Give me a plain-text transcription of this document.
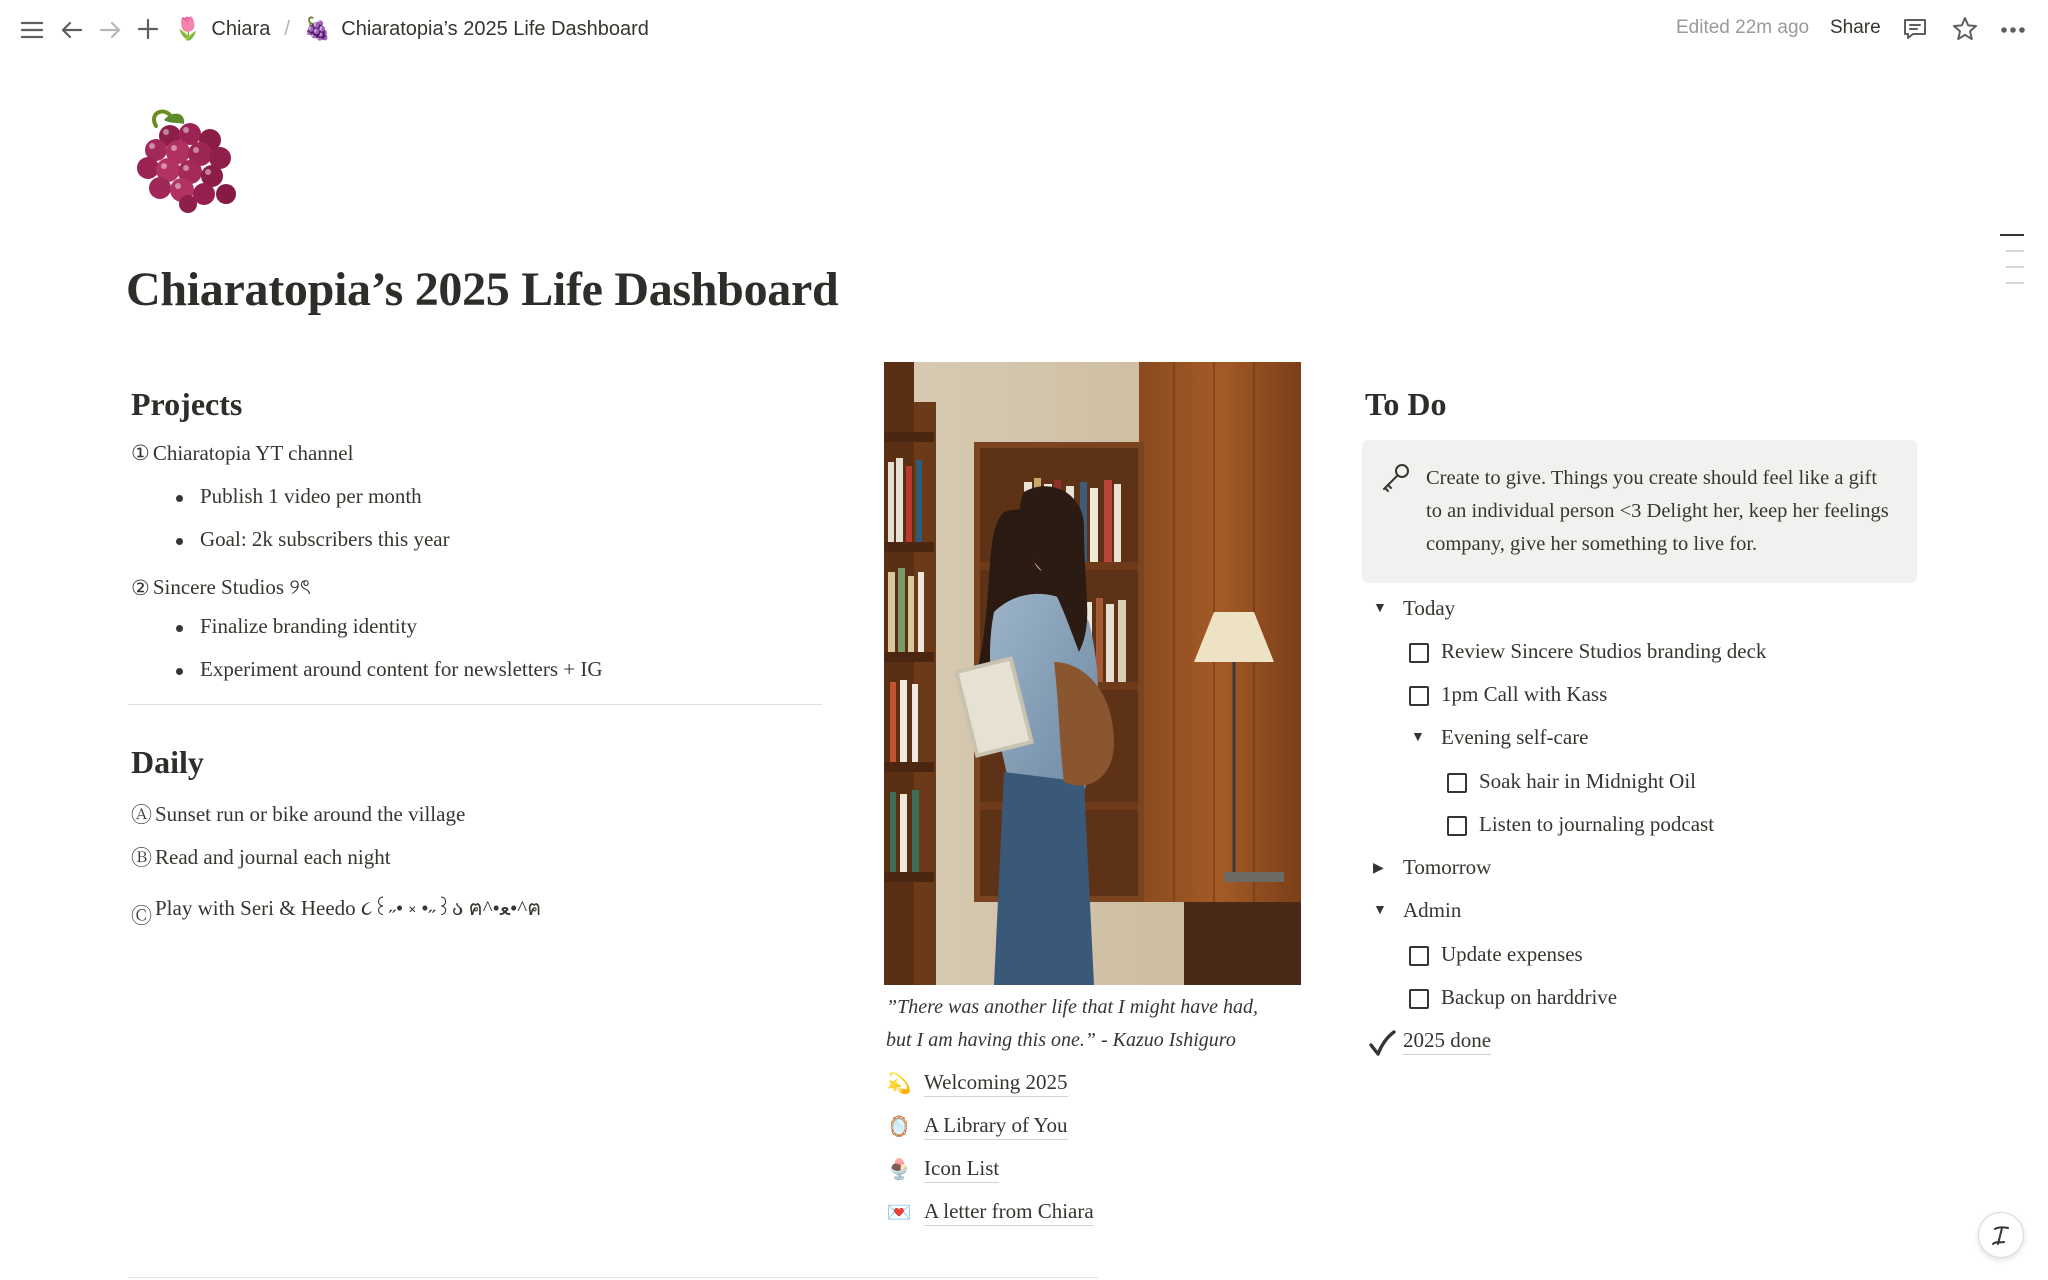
🌷 Chiara / 🍇 Chiaratopia’s 2025 Life Dashboard	Edited 22m ago Share
Chiaratopia’s 2025 Life Dashboard
Projects
① Chiaratopia YT channel
Publish 1 video per month
Goal: 2k subscribers this year
② Sincere Studios ୨ৎ
Finalize branding identity
Experiment around content for newsletters + IG
Daily
Ⓐ Sunset run or bike around the village
Ⓑ Read and journal each night
Ⓒ Play with Seri & Heedo ૮꒰˶• ༝ •˶꒱ა ฅ^•ﻌ•^ฅ
”There was another life that I might have had,
but I am having this one.” - Kazuo Ishiguro
💫 Welcoming 2025
🪞 A Library of You
🍨 Icon List
💌 A letter from Chiara
To Do
Create to give. Things you create should feel like a gift to an individual person <3 Delight her, keep her feelings company, give her something to live for.
▼ Today
Review Sincere Studios branding deck
1pm Call with Kass
▼ Evening self-care
Soak hair in Midnight Oil
Listen to journaling podcast
▶ Tomorrow
▼ Admin
Update expenses
Backup on harddrive
2025 done
